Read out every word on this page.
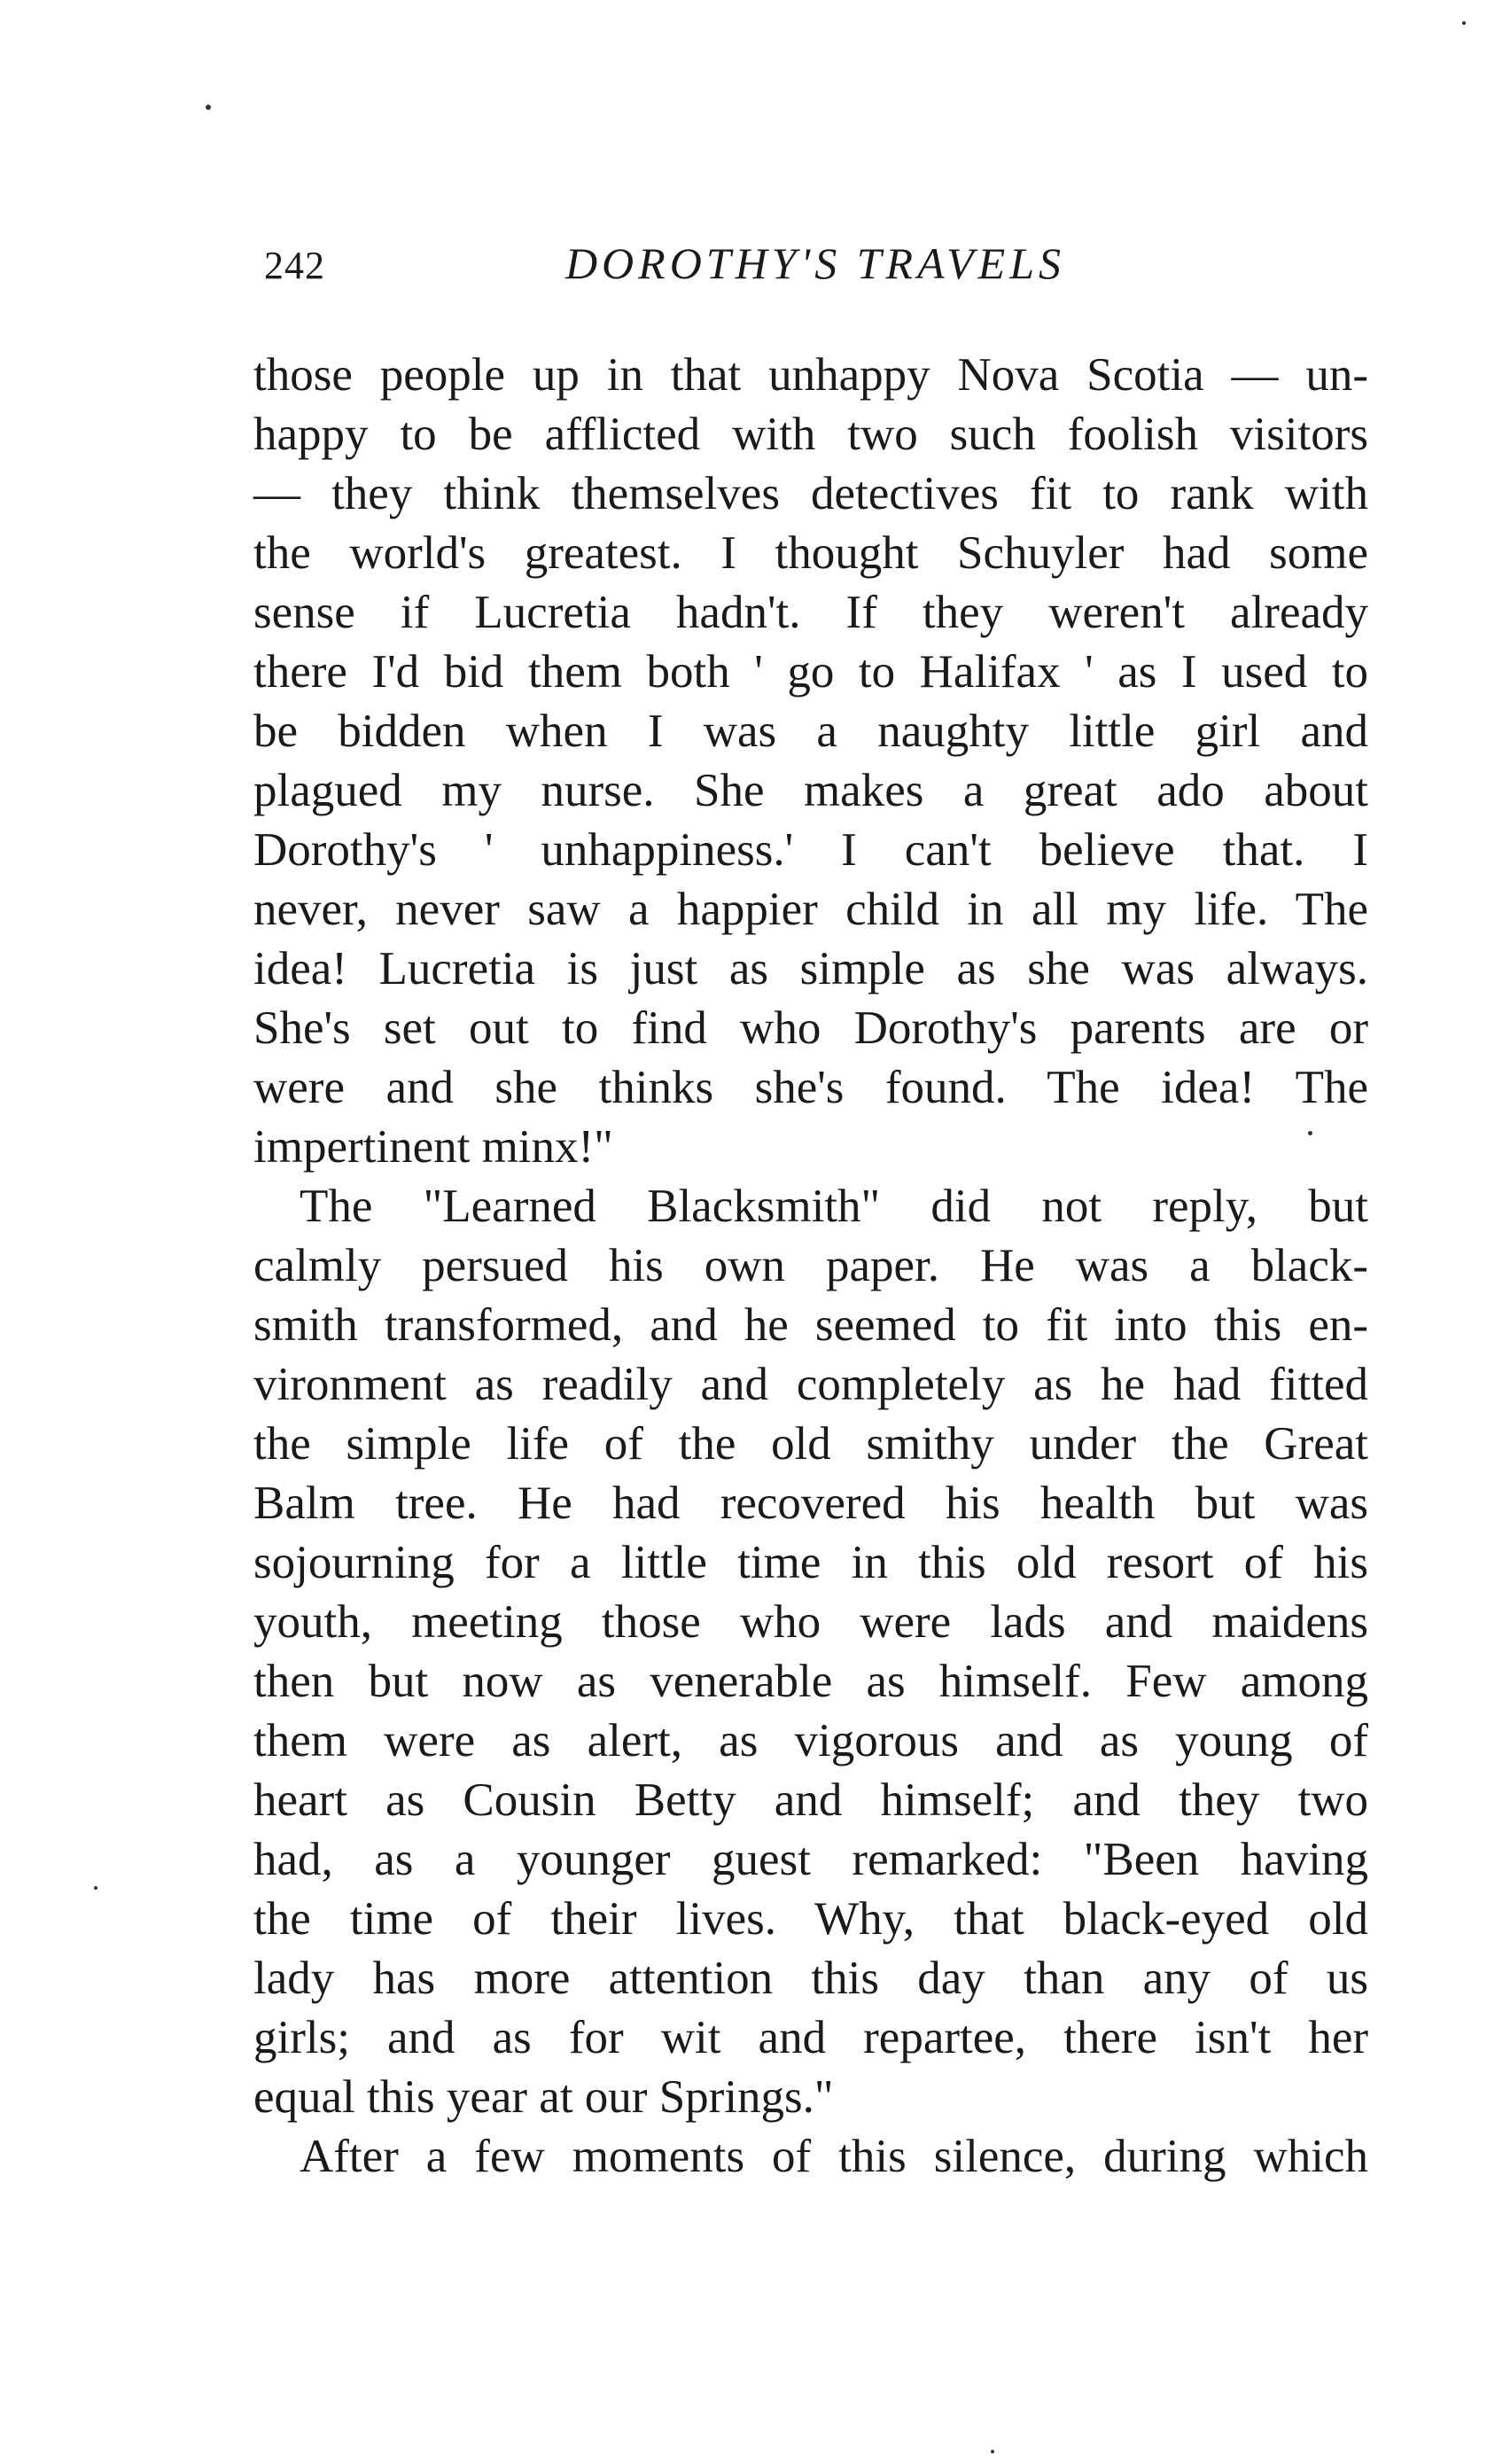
242	DOROTHY'S TRAVELS
those people up in that unhappy Nova Scotia — un-
happy to be afflicted with two such foolish visitors
— they think themselves detectives fit to rank with
the world's greatest. I thought Schuyler had some
sense if Lucretia hadn't. If they weren't already
there I'd bid them both ' go to Halifax ' as I used to
be bidden when I was a naughty little girl and
plagued my nurse. She makes a great ado about
Dorothy's ' unhappiness.' I can't believe that. I
never, never saw a happier child in all my life. The
idea! Lucretia is just as simple as she was always.
She's set out to find who Dorothy's parents are or
were and she thinks she's found. The idea! The
impertinent minx!"
The "Learned Blacksmith" did not reply, but
calmly persued his own paper. He was a black-
smith transformed, and he seemed to fit into this en-
vironment as readily and completely as he had fitted
the simple life of the old smithy under the Great
Balm tree. He had recovered his health but was
sojourning for a little time in this old resort of his
youth, meeting those who were lads and maidens
then but now as venerable as himself. Few among
them were as alert, as vigorous and as young of
heart as Cousin Betty and himself; and they two
had, as a younger guest remarked: "Been having
the time of their lives. Why, that black-eyed old
lady has more attention this day than any of us
girls; and as for wit and repartee, there isn't her
equal this year at our Springs."
After a few moments of this silence, during which
